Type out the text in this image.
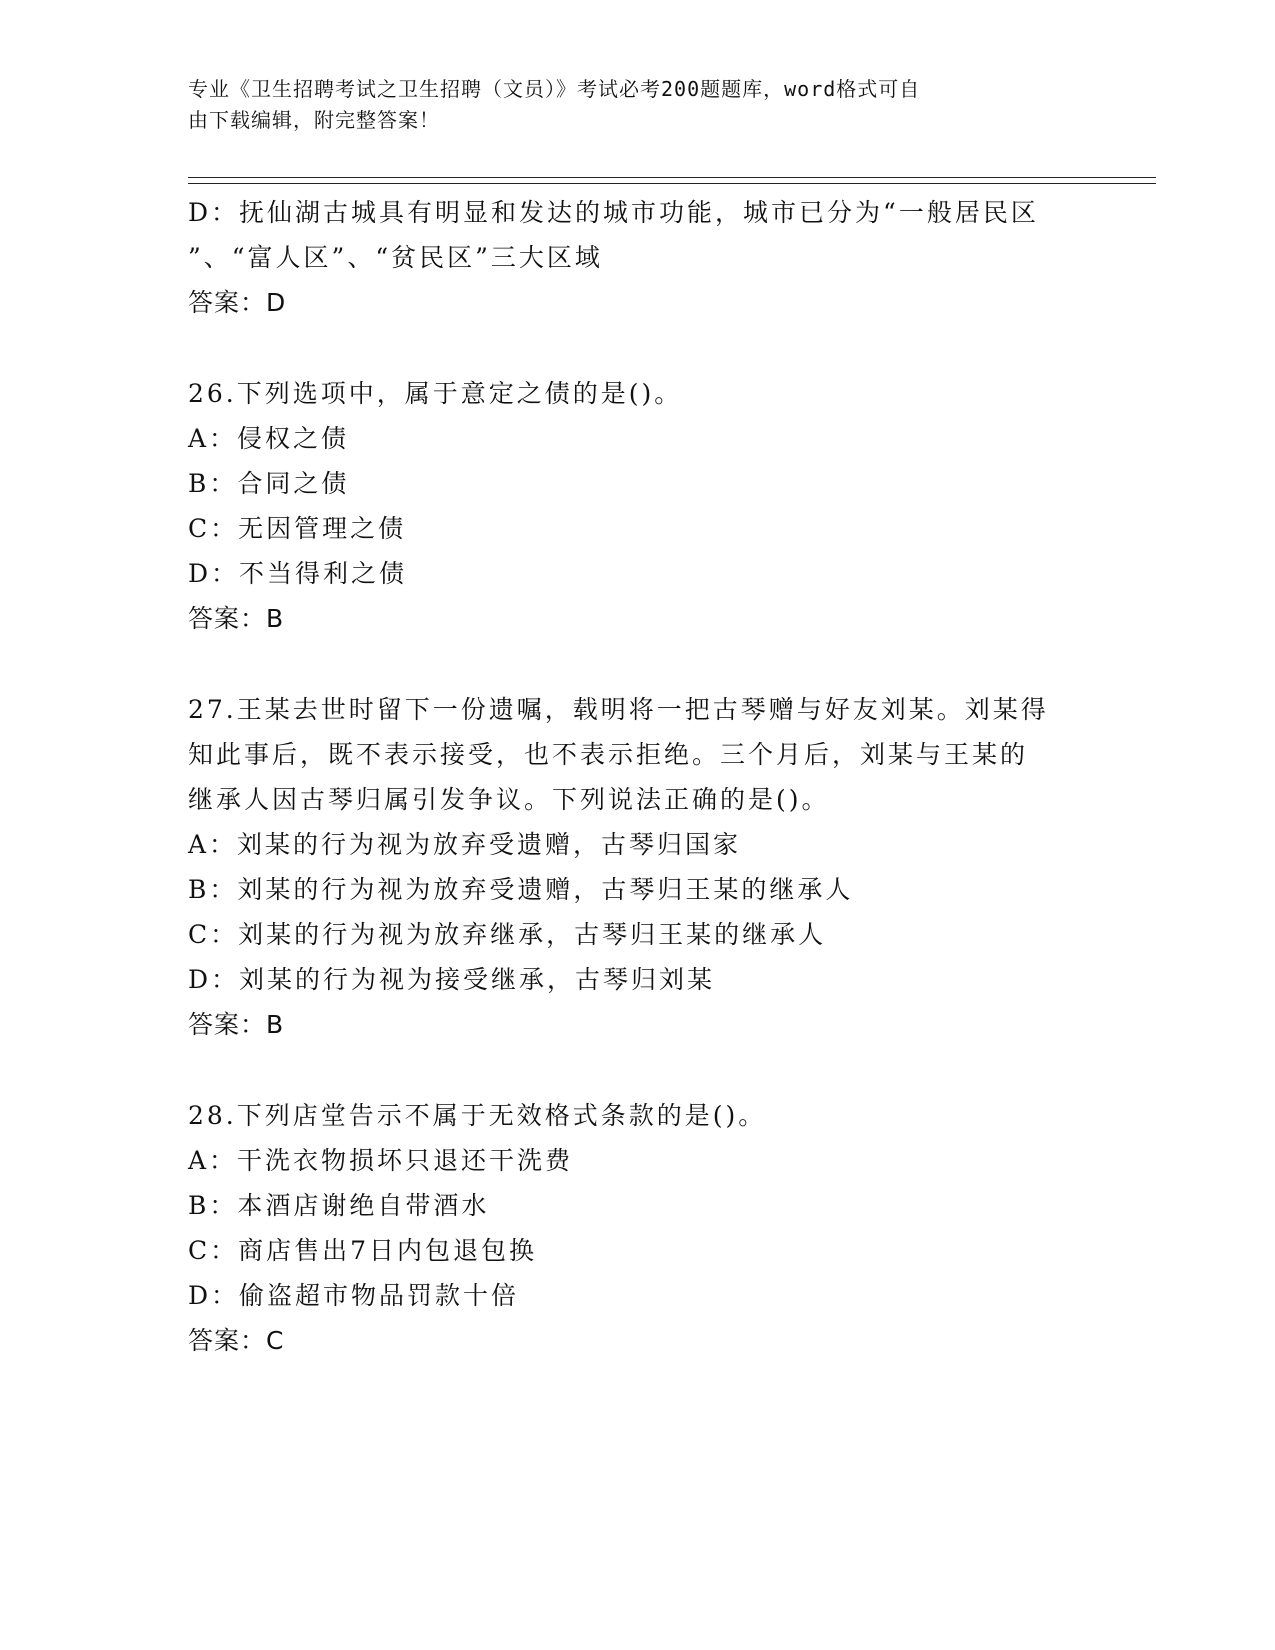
专业《卫生招聘考试之卫生招聘（文员）》考试必考200题题库，word格式可自
由下载编辑，附完整答案！
D：抚仙湖古城具有明显和发达的城市功能，城市已分为“一般居民区
”、“富人区”、“贫民区”三大区域
答案：D
26.下列选项中，属于意定之债的是()。
A：侵权之债
B：合同之债
C：无因管理之债
D：不当得利之债
答案：B
27.王某去世时留下一份遗嘱，载明将一把古琴赠与好友刘某。刘某得
知此事后，既不表示接受，也不表示拒绝。三个月后，刘某与王某的
继承人因古琴归属引发争议。下列说法正确的是()。
A：刘某的行为视为放弃受遗赠，古琴归国家
B：刘某的行为视为放弃受遗赠，古琴归王某的继承人
C：刘某的行为视为放弃继承，古琴归王某的继承人
D：刘某的行为视为接受继承，古琴归刘某
答案：B
28.下列店堂告示不属于无效格式条款的是()。
A：干洗衣物损坏只退还干洗费
B：本酒店谢绝自带酒水
C：商店售出7日内包退包换
D：偷盗超市物品罚款十倍
答案：C
